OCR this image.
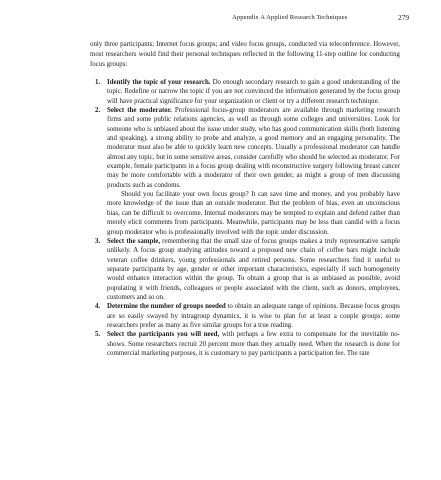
Appendix A Applied Research Techniques	279

only three participants; Internet focus groups; and video focus groups, conducted via teleconference. However, most researchers would find their personal techniques reflected in the following 11-step outline for conducting focus groups:

1. Identify the topic of your research. Do enough secondary research to gain a good understanding of the topic. Redefine or narrow the topic if you are not convinced the information generated by the focus group will have practical significance for your organization or client or try a different research technique.

2. Select the moderator. Professional focus-group moderators are available through marketing research firms and some public relations agencies, as well as through some colleges and universities. Look for someone who is unbiased about the issue under study, who has good communication skills (both listening and speaking), a strong ability to probe and analyze, a good memory and an engaging personality. The moderator must also be able to quickly learn new concepts. Usually a professional moderator can handle almost any topic, but in some sensitive areas, consider carefully who should be selected as moderator. For example, female participants in a focus group dealing with reconstructive surgery following breast cancer may be more comfortable with a moderator of their own gender, as might a group of men discussing products such as condoms.

Should you facilitate your own focus group? It can save time and money, and you probably have more knowledge of the issue than an outside moderator. But the problem of bias, even an unconscious bias, can be difficult to overcome. Internal moderators may be tempted to explain and defend rather than merely elicit comments from participants. Meanwhile, participants may be less than candid with a focus group moderator who is professionally involved with the topic under discussion.

3. Select the sample, remembering that the small size of focus groups makes a truly representative sample unlikely. A focus group studying attitudes toward a proposed new chain of coffee bars might include veteran coffee drinkers, young professionals and retired persons. Some researchers find it useful to separate participants by age, gender or other important characteristics, especially if such homogeneity would enhance interaction within the group. To obtain a group that is as unbiased as possible, avoid populating it with friends, colleagues or people associated with the client, such as donors, employees, customers and so on.

4. Determine the number of groups needed to obtain an adequate range of opinions. Because focus groups are so easily swayed by intragroup dynamics, it is wise to plan for at least a couple groups; some researchers prefer as many as five similar groups for a true reading.

5. Select the participants you will need, with perhaps a few extra to compensate for the inevitable no-shows. Some researchers recruit 20 percent more than they actually need. When the research is done for commercial marketing purposes, it is customary to pay participants a participation fee. The rate
